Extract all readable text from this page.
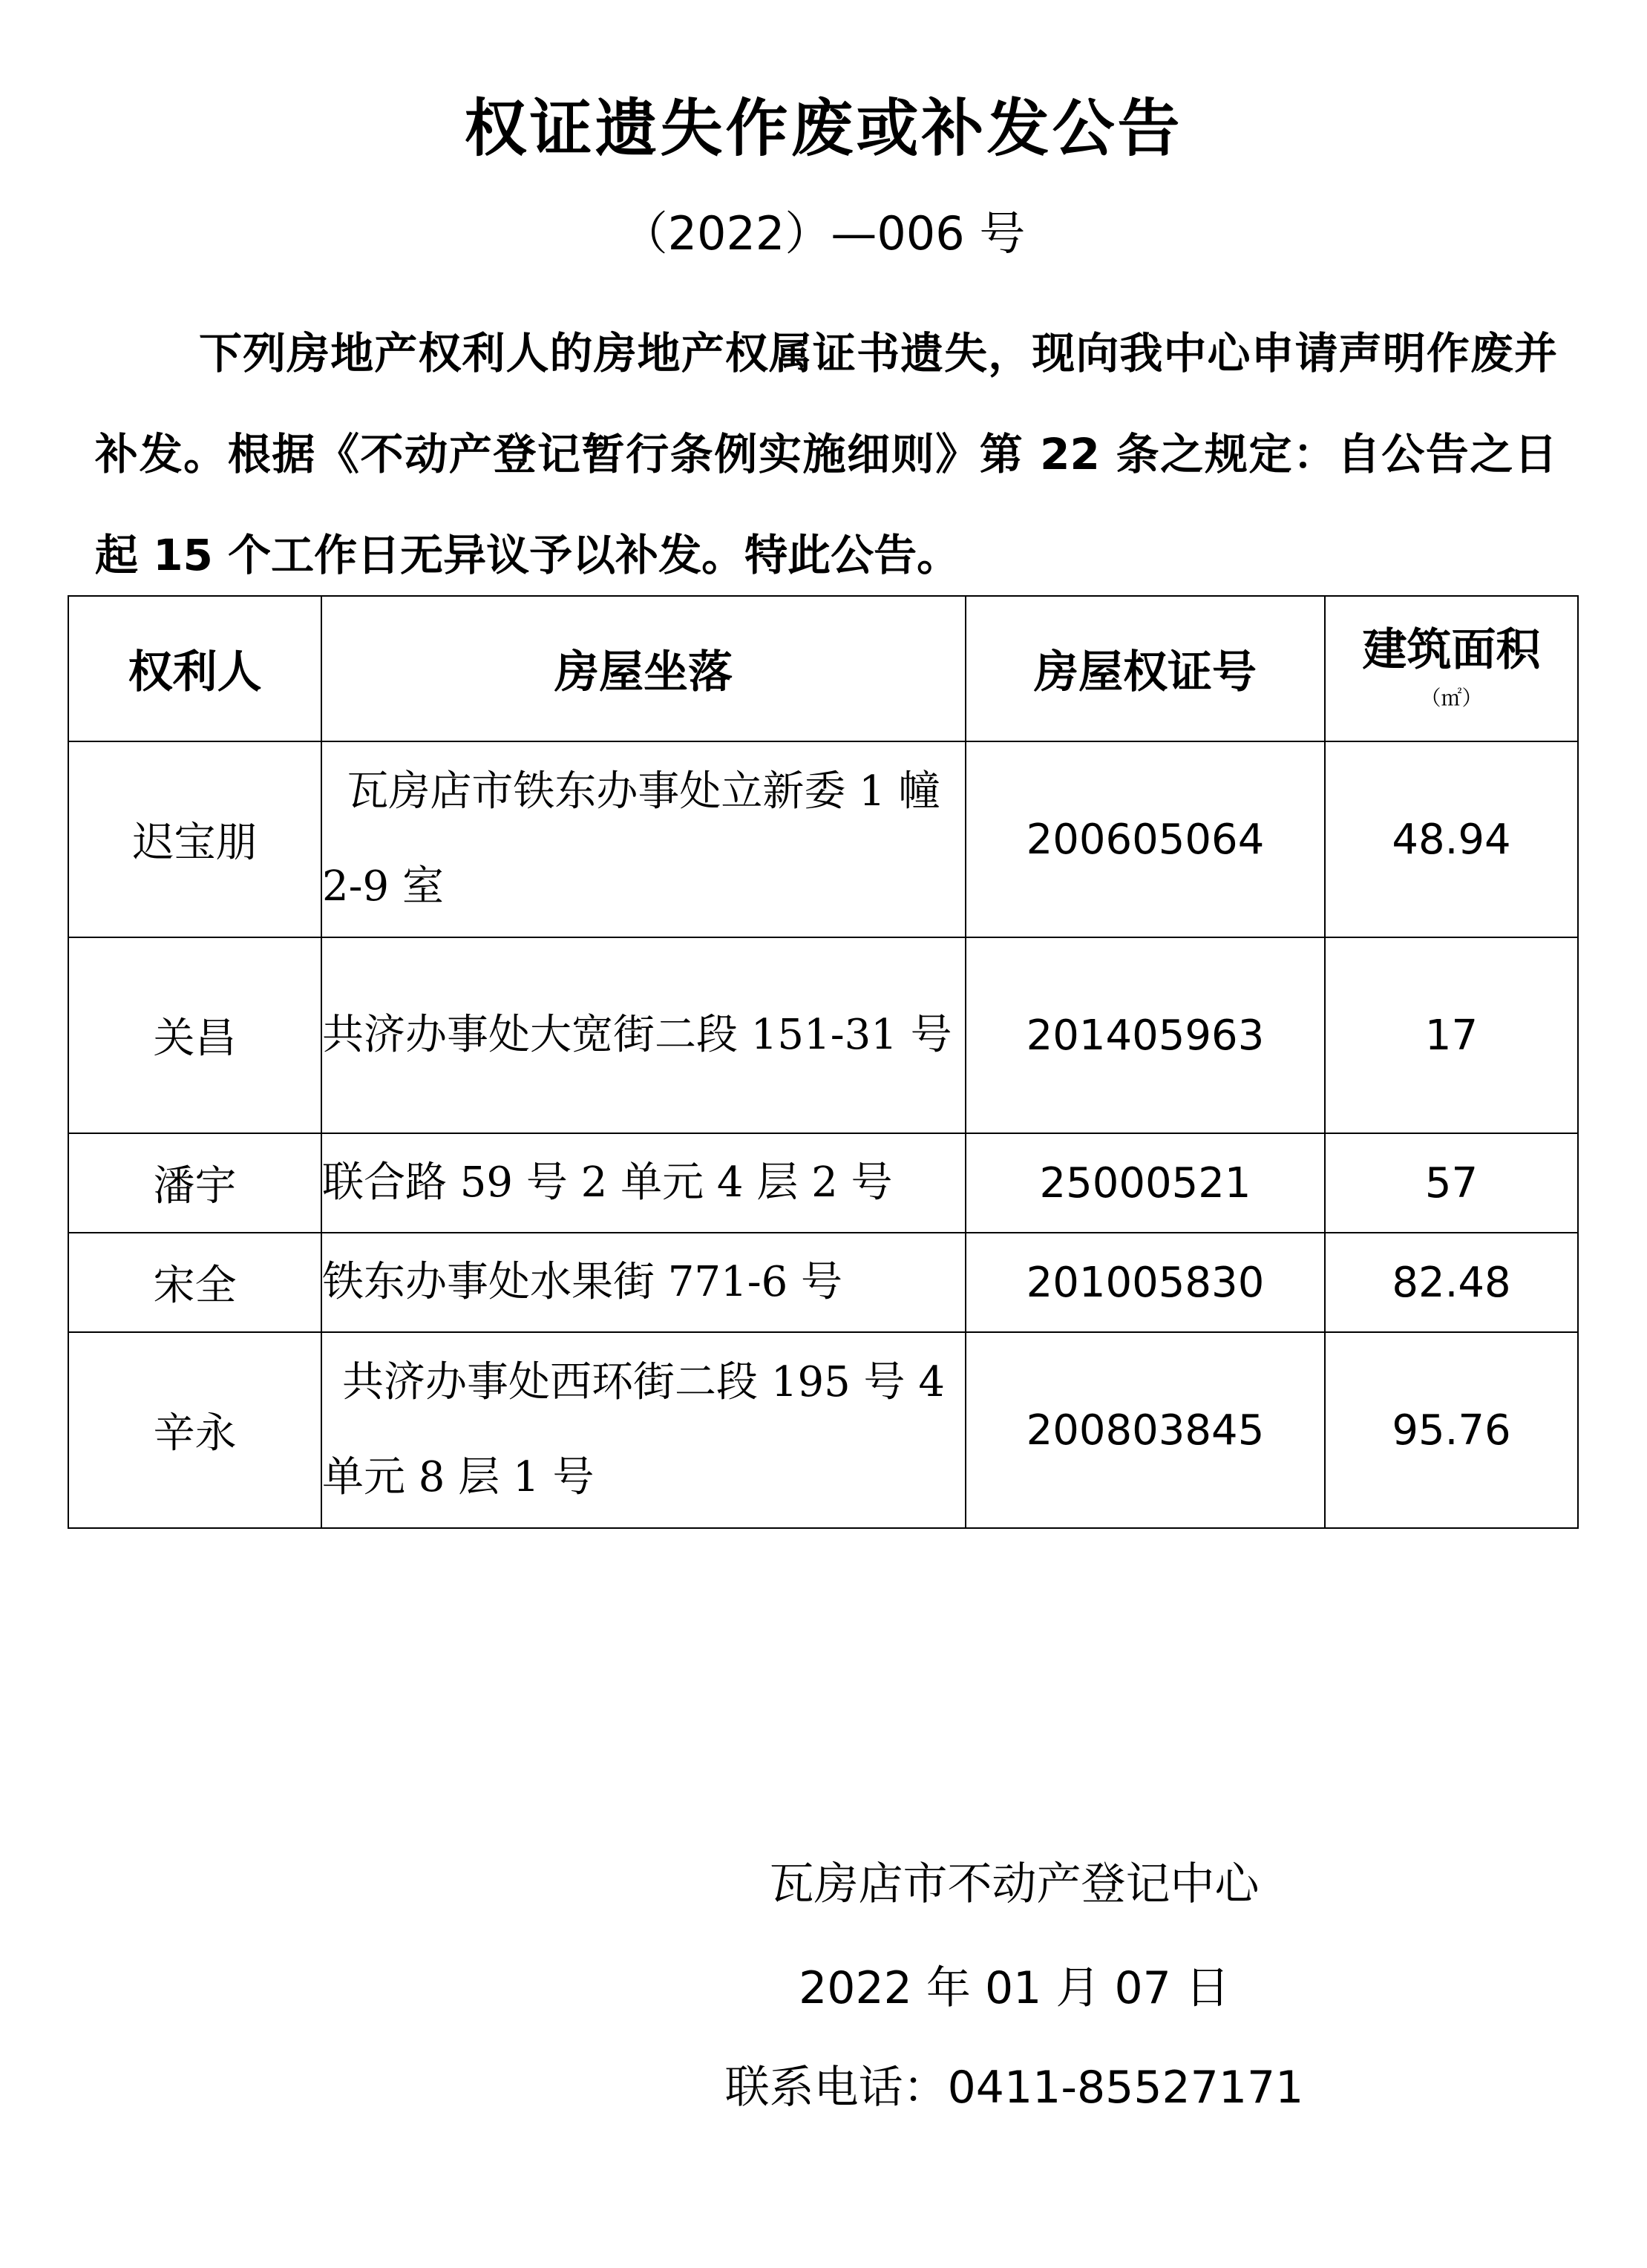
权证遗失作废或补发公告
（2022）—006 号

下列房地产权利人的房地产权属证书遗失，现向我中心申请声明作废并补发。根据《不动产登记暂行条例实施细则》第 22 条之规定：自公告之日起 15 个工作日无异议予以补发。特此公告。

权利人	房屋坐落	房屋权证号	建筑面积
（㎡）

迟宝朋	瓦房店市铁东办事处立新委 1 幢 2-9 室	200605064	48.94
关昌	共济办事处大宽街二段 151-31 号	201405963	17
潘宇	联合路 59 号 2 单元 4 层 2 号	25000521	57
宋全	铁东办事处水果街 771-6 号	201005830	82.48
辛永	共济办事处西环街二段 195 号 4 单元 8 层 1 号	200803845	95.76
瓦房店市不动产登记中心
2022 年 01 月 07 日
联系电话：0411-85527171
